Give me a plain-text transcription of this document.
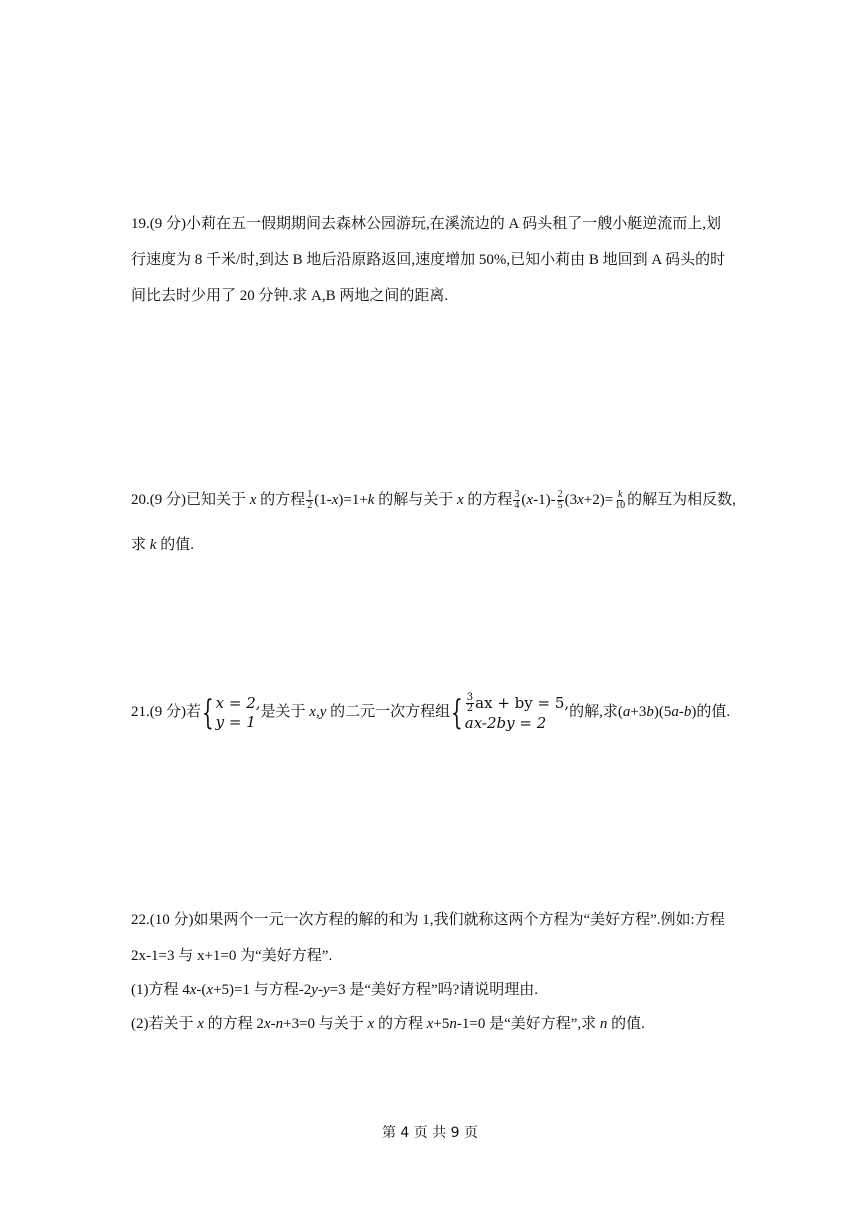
19.(9 分)小莉在五一假期期间去森林公园游玩,在溪流边的 A 码头租了一艘小艇逆流而上,划
行速度为 8 千米/时,到达 B 地后沿原路返回,速度增加 50%,已知小莉由 B 地回到 A 码头的时
间比去时少用了 20 分钟.求 A,B 两地之间的距离.
20.(9 分)已知关于 x 的方程 $\frac{1}{2} (1-x)=1+k$ 的解与关于 x 的方程 $\frac{3}{4} (x-1)- \frac{2}{5} (3x+2)= \frac{k}{10}$ 的解互为相反数,
求 k 的值.
21.(9 分)若{ x = 2,
y = 1
是关于 x,y 的二元一次方程组{ $\frac{3}{2}$ ax + by = 5,
ax-2by = 2
的解,求(a+3b)(5a-b)的值.
22.(10 分)如果两个一元一次方程的解的和为 1,我们就称这两个方程为“美好方程”.例如:方程
2x-1=3 与 x+1=0 为“美好方程”.
(1)方程 4x-(x+5)=1 与方程-2y-y=3 是“美好方程”吗?请说明理由.
(2)若关于 x 的方程 2x-n+3=0 与关于 x 的方程 x+5n-1=0 是“美好方程”,求 n 的值.
第 4 页 共 9 页
